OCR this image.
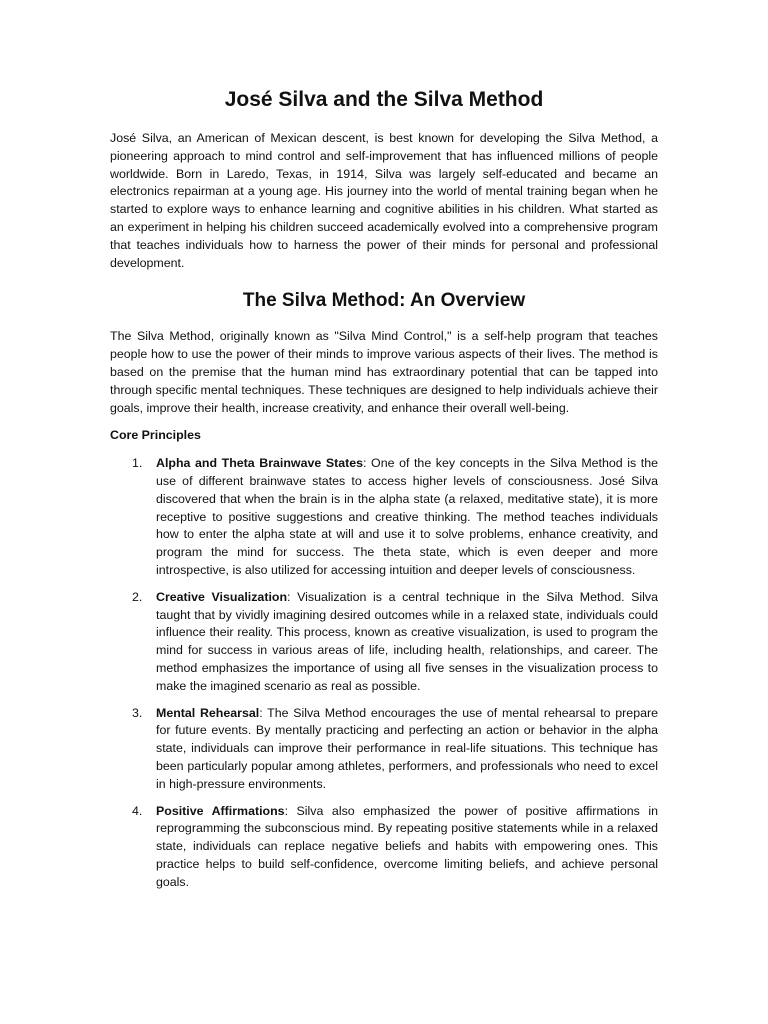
José Silva and the Silva Method

José Silva, an American of Mexican descent, is best known for developing the Silva Method, a pioneering approach to mind control and self-improvement that has influenced millions of people worldwide. Born in Laredo, Texas, in 1914, Silva was largely self-educated and became an electronics repairman at a young age. His journey into the world of mental training began when he started to explore ways to enhance learning and cognitive abilities in his children. What started as an experiment in helping his children succeed academically evolved into a comprehensive program that teaches individuals how to harness the power of their minds for personal and professional development.

The Silva Method: An Overview

The Silva Method, originally known as "Silva Mind Control," is a self-help program that teaches people how to use the power of their minds to improve various aspects of their lives. The method is based on the premise that the human mind has extraordinary potential that can be tapped into through specific mental techniques. These techniques are designed to help individuals achieve their goals, improve their health, increase creativity, and enhance their overall well-being.

Core Principles
1. Alpha and Theta Brainwave States: One of the key concepts in the Silva Method is the use of different brainwave states to access higher levels of consciousness. José Silva discovered that when the brain is in the alpha state (a relaxed, meditative state), it is more receptive to positive suggestions and creative thinking. The method teaches individuals how to enter the alpha state at will and use it to solve problems, enhance creativity, and program the mind for success. The theta state, which is even deeper and more introspective, is also utilized for accessing intuition and deeper levels of consciousness.
2. Creative Visualization: Visualization is a central technique in the Silva Method. Silva taught that by vividly imagining desired outcomes while in a relaxed state, individuals could influence their reality. This process, known as creative visualization, is used to program the mind for success in various areas of life, including health, relationships, and career. The method emphasizes the importance of using all five senses in the visualization process to make the imagined scenario as real as possible.
3. Mental Rehearsal: The Silva Method encourages the use of mental rehearsal to prepare for future events. By mentally practicing and perfecting an action or behavior in the alpha state, individuals can improve their performance in real-life situations. This technique has been particularly popular among athletes, performers, and professionals who need to excel in high-pressure environments.
4. Positive Affirmations: Silva also emphasized the power of positive affirmations in reprogramming the subconscious mind. By repeating positive statements while in a relaxed state, individuals can replace negative beliefs and habits with empowering ones. This practice helps to build self-confidence, overcome limiting beliefs, and achieve personal goals.
